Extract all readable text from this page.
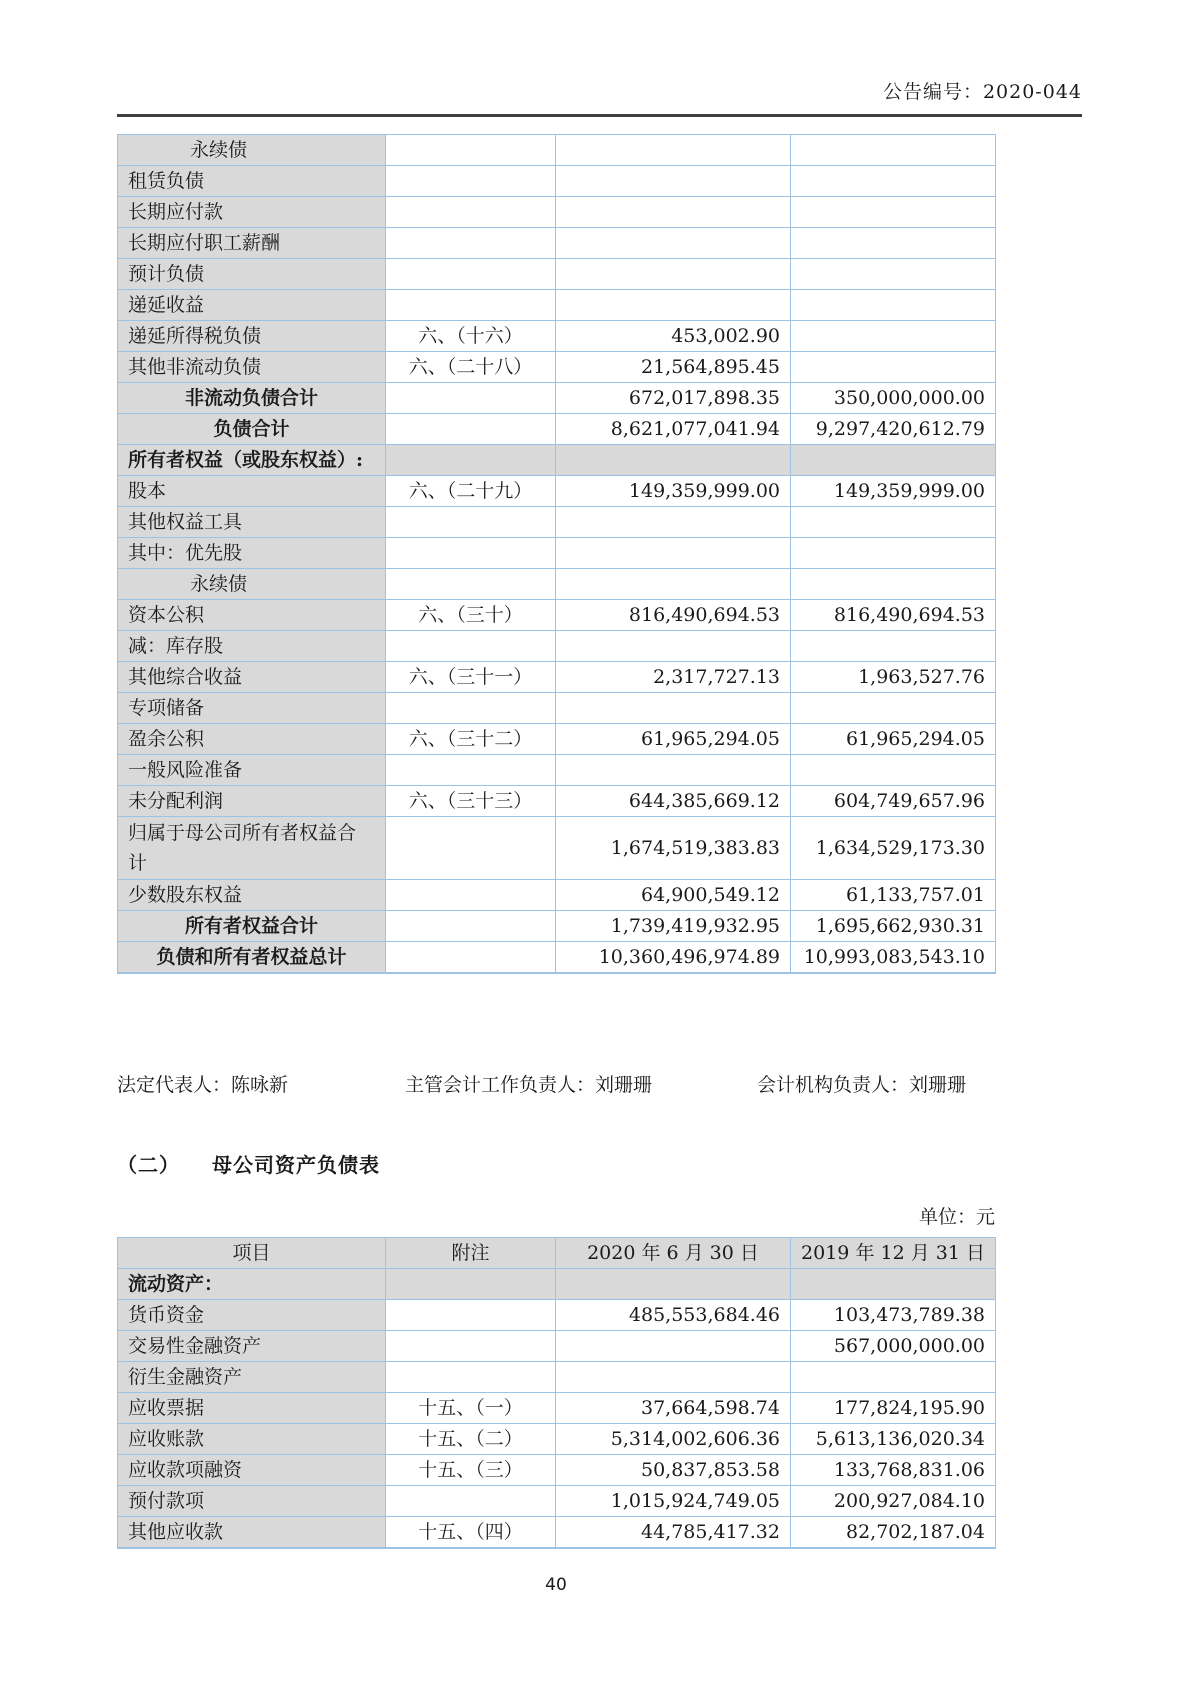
公告编号：2020-044
永续债			
租赁负债			
长期应付款			
长期应付职工薪酬			
预计负债			
递延收益			
递延所得税负债	六、（十六）	453,002.90	
其他非流动负债	六、（二十八）	21,564,895.45	
非流动负债合计		672,017,898.35	350,000,000.00
负债合计		8,621,077,041.94	9,297,420,612.79
所有者权益（或股东权益）:			
股本	六、（二十九）	149,359,999.00	149,359,999.00
其他权益工具			
其中：优先股			
永续债			
资本公积	六、（三十）	816,490,694.53	816,490,694.53
减：库存股			
其他综合收益	六、（三十一）	2,317,727.13	1,963,527.76
专项储备			
盈余公积	六、（三十二）	61,965,294.05	61,965,294.05
一般风险准备			
未分配利润	六、（三十三）	644,385,669.12	604,749,657.96

归属于母公司所有者权益合计		1,674,519,383.83	1,634,529,173.30
少数股东权益		64,900,549.12	61,133,757.01
所有者权益合计		1,739,419,932.95	1,695,662,930.31
负债和所有者权益总计		10,360,496,974.89	10,993,083,543.10
法定代表人：陈咏新	主管会计工作负责人：刘珊珊	会计机构负责人：刘珊珊
（二） 母公司资产负债表
单位：元
项目	附注	2020 年 6 月 30 日	2019 年 12 月 31 日
流动资产：			
货币资金		485,553,684.46	103,473,789.38
交易性金融资产			567,000,000.00
衍生金融资产			
应收票据	十五、（一）	37,664,598.74	177,824,195.90
应收账款	十五、（二）	5,314,002,606.36	5,613,136,020.34
应收款项融资	十五、（三）	50,837,853.58	133,768,831.06
预付款项		1,015,924,749.05	200,927,084.10
其他应收款	十五、（四）	44,785,417.32	82,702,187.04
40
